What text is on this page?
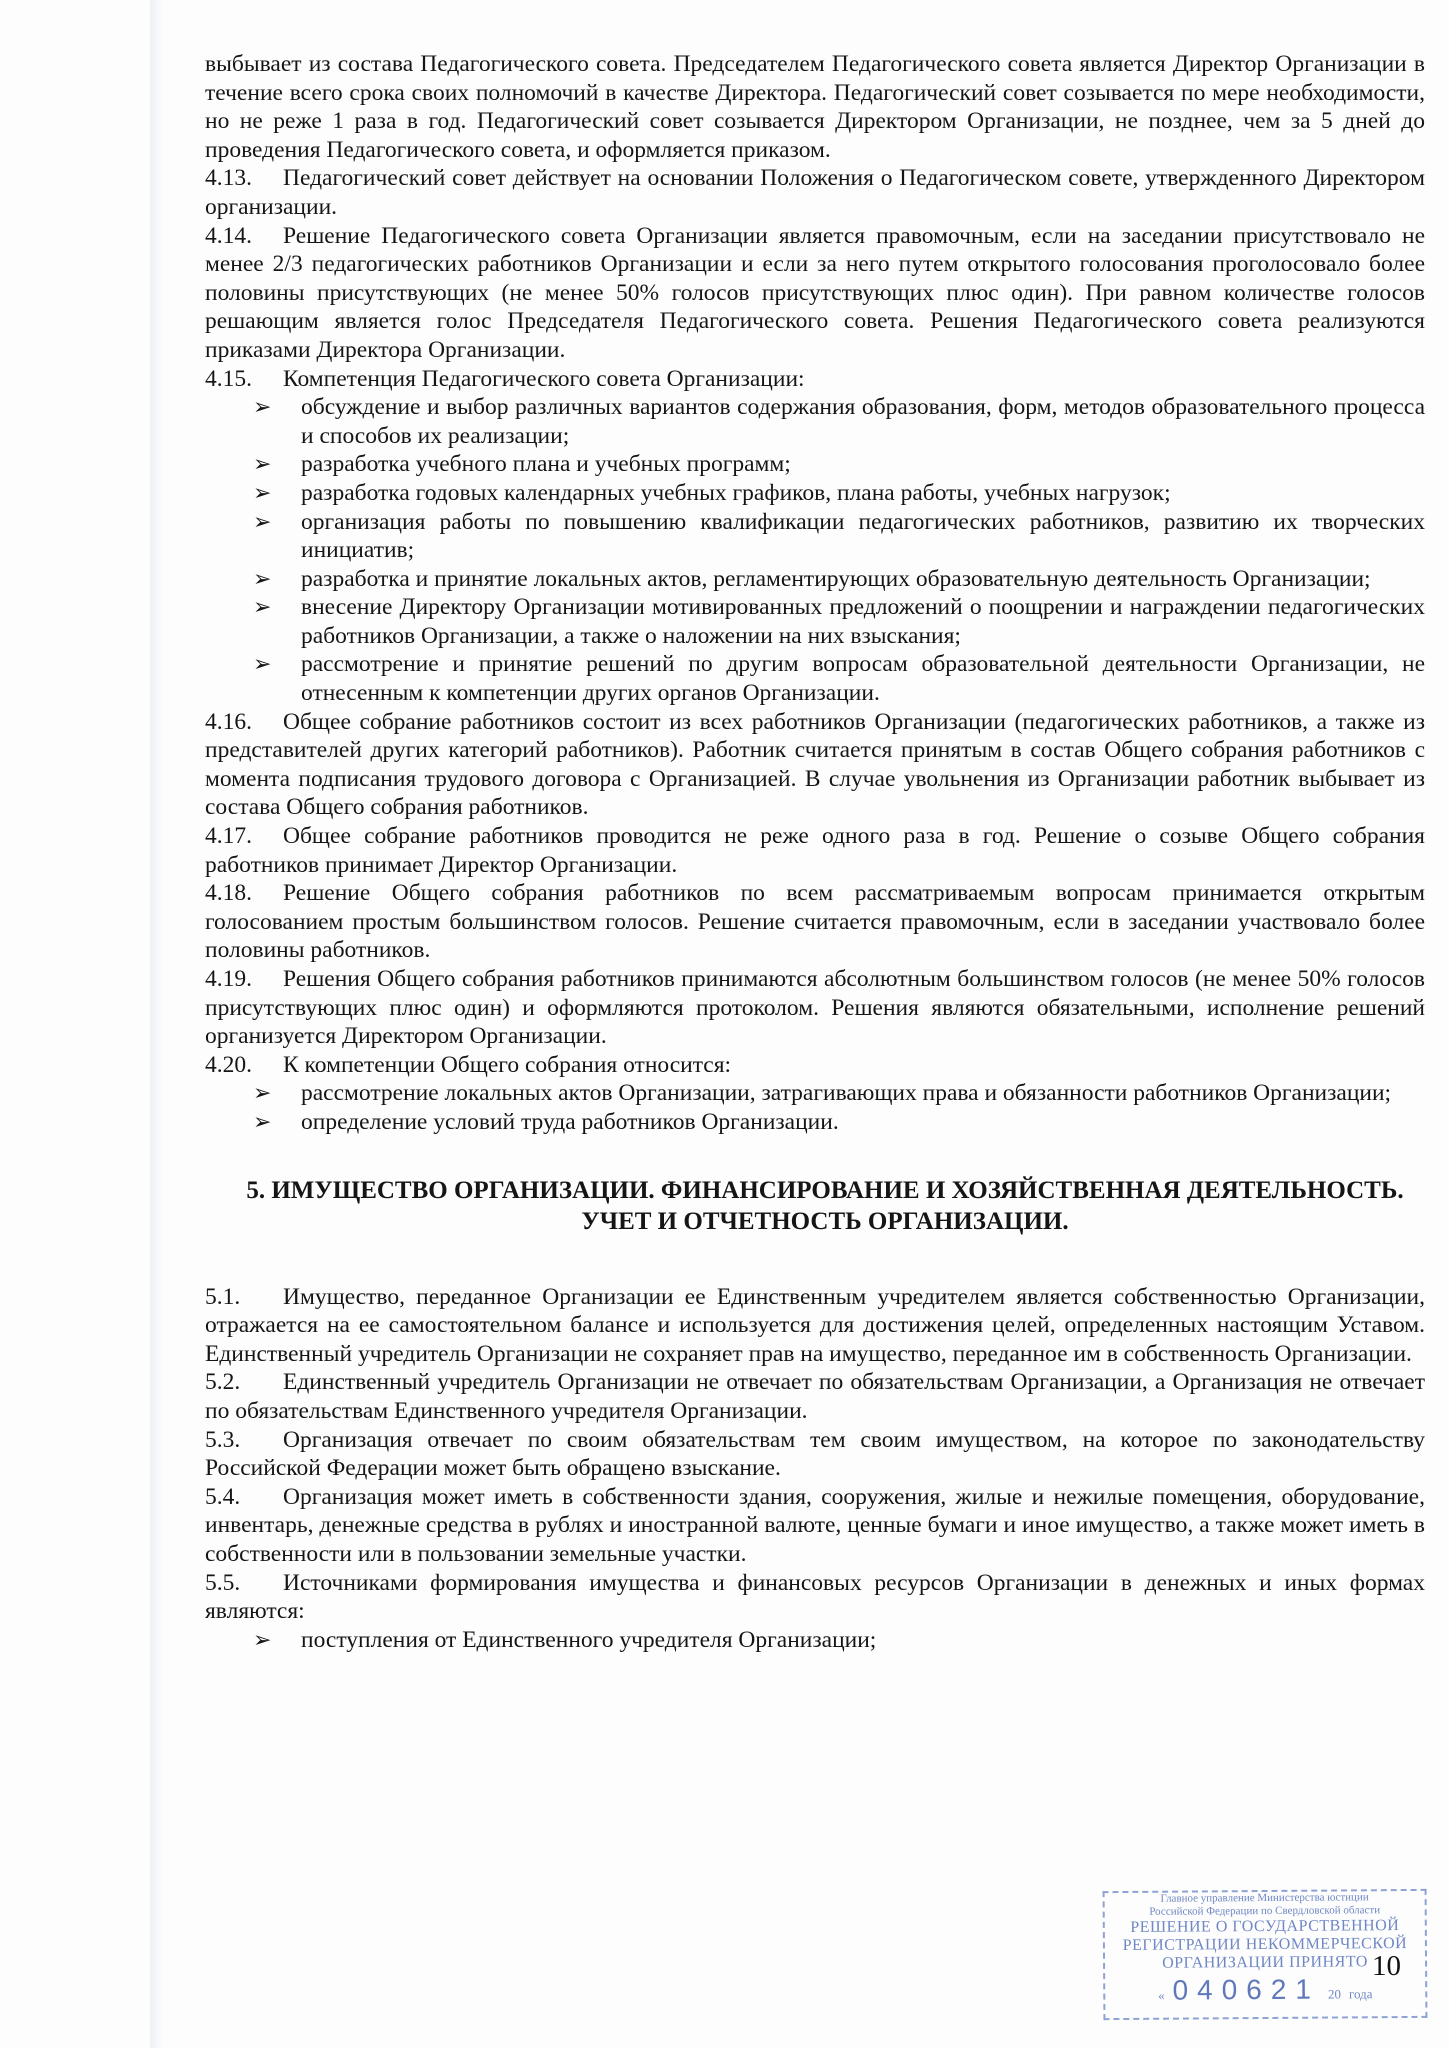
выбывает из состава Педагогического совета. Председателем Педагогического совета является Директор Организации в течение всего срока своих полномочий в качестве Директора. Педагогический совет созывается по мере необходимости, но не реже 1 раза в год. Педагогический совет созывается Директором Организации, не позднее, чем за 5 дней до проведения Педагогического совета, и оформляется приказом.

4.13. Педагогический совет действует на основании Положения о Педагогическом совете, утвержденного Директором организации.

4.14. Решение Педагогического совета Организации является правомочным, если на заседании присутствовало не менее 2/3 педагогических работников Организации и если за него путем открытого голосования проголосовало более половины присутствующих (не менее 50% голосов присутствующих плюс один). При равном количестве голосов решающим является голос Председателя Педагогического совета. Решения Педагогического совета реализуются приказами Директора Организации.

4.15. Компетенция Педагогического совета Организации:

➢ обсуждение и выбор различных вариантов содержания образования, форм, методов образовательного процесса и способов их реализации;
➢ разработка учебного плана и учебных программ;
➢ разработка годовых календарных учебных графиков, плана работы, учебных нагрузок;
➢ организация работы по повышению квалификации педагогических работников, развитию их творческих инициатив;
➢ разработка и принятие локальных актов, регламентирующих образовательную деятельность Организации;
➢ внесение Директору Организации мотивированных предложений о поощрении и награждении педагогических работников Организации, а также о наложении на них взыскания;
➢ рассмотрение и принятие решений по другим вопросам образовательной деятельности Организации, не отнесенным к компетенции других органов Организации.

4.16. Общее собрание работников состоит из всех работников Организации (педагогических работников, а также из представителей других категорий работников). Работник считается принятым в состав Общего собрания работников с момента подписания трудового договора с Организацией. В случае увольнения из Организации работник выбывает из состава Общего собрания работников.

4.17. Общее собрание работников проводится не реже одного раза в год. Решение о созыве Общего собрания работников принимает Директор Организации.

4.18. Решение Общего собрания работников по всем рассматриваемым вопросам принимается открытым голосованием простым большинством голосов. Решение считается правомочным, если в заседании участвовало более половины работников.

4.19. Решения Общего собрания работников принимаются абсолютным большинством голосов (не менее 50% голосов присутствующих плюс один) и оформляются протоколом. Решения являются обязательными, исполнение решений организуется Директором Организации.

4.20. К компетенции Общего собрания относится:

➢ рассмотрение локальных актов Организации, затрагивающих права и обязанности работников Организации;
➢ определение условий труда работников Организации.
5. ИМУЩЕСТВО ОРГАНИЗАЦИИ. ФИНАНСИРОВАНИЕ И ХОЗЯЙСТВЕННАЯ ДЕЯТЕЛЬНОСТЬ. УЧЕТ И ОТЧЕТНОСТЬ ОРГАНИЗАЦИИ.

5.1. Имущество, переданное Организации ее Единственным учредителем является собственностью Организации, отражается на ее самостоятельном балансе и используется для достижения целей, определенных настоящим Уставом. Единственный учредитель Организации не сохраняет прав на имущество, переданное им в собственность Организации.

5.2. Единственный учредитель Организации не отвечает по обязательствам Организации, а Организация не отвечает по обязательствам Единственного учредителя Организации.

5.3. Организация отвечает по своим обязательствам тем своим имуществом, на которое по законодательству Российской Федерации может быть обращено взыскание.

5.4. Организация может иметь в собственности здания, сооружения, жилые и нежилые помещения, оборудование, инвентарь, денежные средства в рублях и иностранной валюте, ценные бумаги и иное имущество, а также может иметь в собственности или в пользовании земельные участки.

5.5. Источниками формирования имущества и финансовых ресурсов Организации в денежных и иных формах являются:

➢ поступления от Единственного учредителя Организации;
Главное управление Министерства юстиции
Российской Федерации по Свердловской области
РЕШЕНИЕ О ГОСУДАРСТВЕННОЙ
РЕГИСТРАЦИИ НЕКОММЕРЧЕСКОЙ
ОРГАНИЗАЦИИ ПРИНЯТО
« 040621 20 года
10
